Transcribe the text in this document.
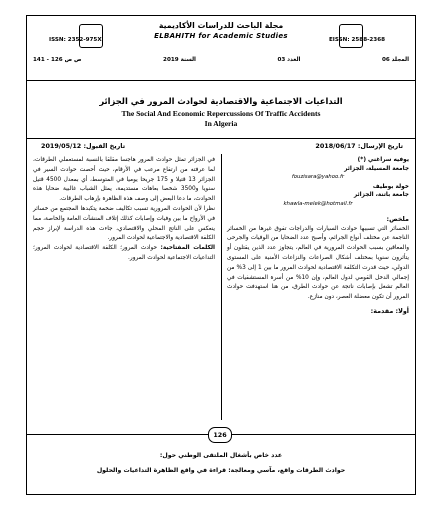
مجلة الباحث للدراسات الأكاديمية
ELBAHITH for Academic Studies
ISSN: 2352-975X	EISSN: 2588-2368
المجلد 06
العدد 03
السنة 2019
ص ص 126 - 141
التداعيات الاجتماعية والاقتصادية لحوادث المرور في الجزائر
The Social And Economic Repercussions Of Traffic Accidents
In Algeria
تاريخ الإرسال: 2018/06/17
تاريخ القبول: 2019/05/12

يوفيه سراغني (*)

جامعة المسيلة، الجزائر

fouzisara@yahoo.fr

خولة بوطيف

جامعة باتنة، الجزائر

khawla-melek@hotmail.fr

ملخص:

الخسائر التي تسببها حوادث السيارات والدراجات تفوق غيرها من الخسائر الناجمة عن مختلف أنواع الجرائم، وأصبح عدد الضحايا من الوفيات والجرحى والمعاقين بسبب الحوادث المرورية في العالم، يتجاوز عدد الذين يقتلون أو يتأثرون سنويا بمختلف أشكال الصراعات والنزاعات الأمنية على المستوى الدولي، حيث قدرت التكلفة الاقتصادية لحوادث المرور ما بين 1 إلى 3% من إجمالي الدخل القومي لدول العالم، وإن 10% من أسرة المستشفيات في العالم تشغل بإصابات ناتجة عن حوادث الطرق، من هنا استهدفت حوادث المرور أن تكون معضلة العصر، دون منازع.

أولا: مقدمة:

في الجزائر تمثل حوادث المرور هاجسا مقلقا بالنسبة لمستعملي الطرقات، لما عرفته من ارتفاع مرعب في الأرقام، حيث أحصت حوادث السير في الجزائر 13 قتيلا و 175 جريحا يوميا في المتوسط، أي بمعدل 4500 قتيل سنويا و3500 شخصا بعاهات مستديمة، يمثل الشباب غالبية ضحايا هذه الحوادث، ما دعا البعض إلى وصف هذه الظاهرة بإرهاب الطرقات.

نظرا لأن الحوادث المرورية تسبب تكاليف ضخمة يتكبدها المجتمع من خسائر في الأرواح ما بين وفيات وإصابات كذلك إتلاف المنشآت العامة والخاصة، مما ينعكس على الناتج المحلي والاقتصادي، جاءت هذه الدراسة لإبراز حجم الكلفة الاقتصادية والاجتماعية لحوادث المرور.

الكلمات المفتاحية: حوادث المرور؛ الكلفة الاقتصادية لحوادث المرور؛ التداعيات الاجتماعية لحوادث المرور.

126
عدد خاص بأشغال الملتقى الوطني حول:
حوادث الطرقات واقع، مآسي ومعالجة: قراءة في واقع الظاهرة التداعيات والحلول
